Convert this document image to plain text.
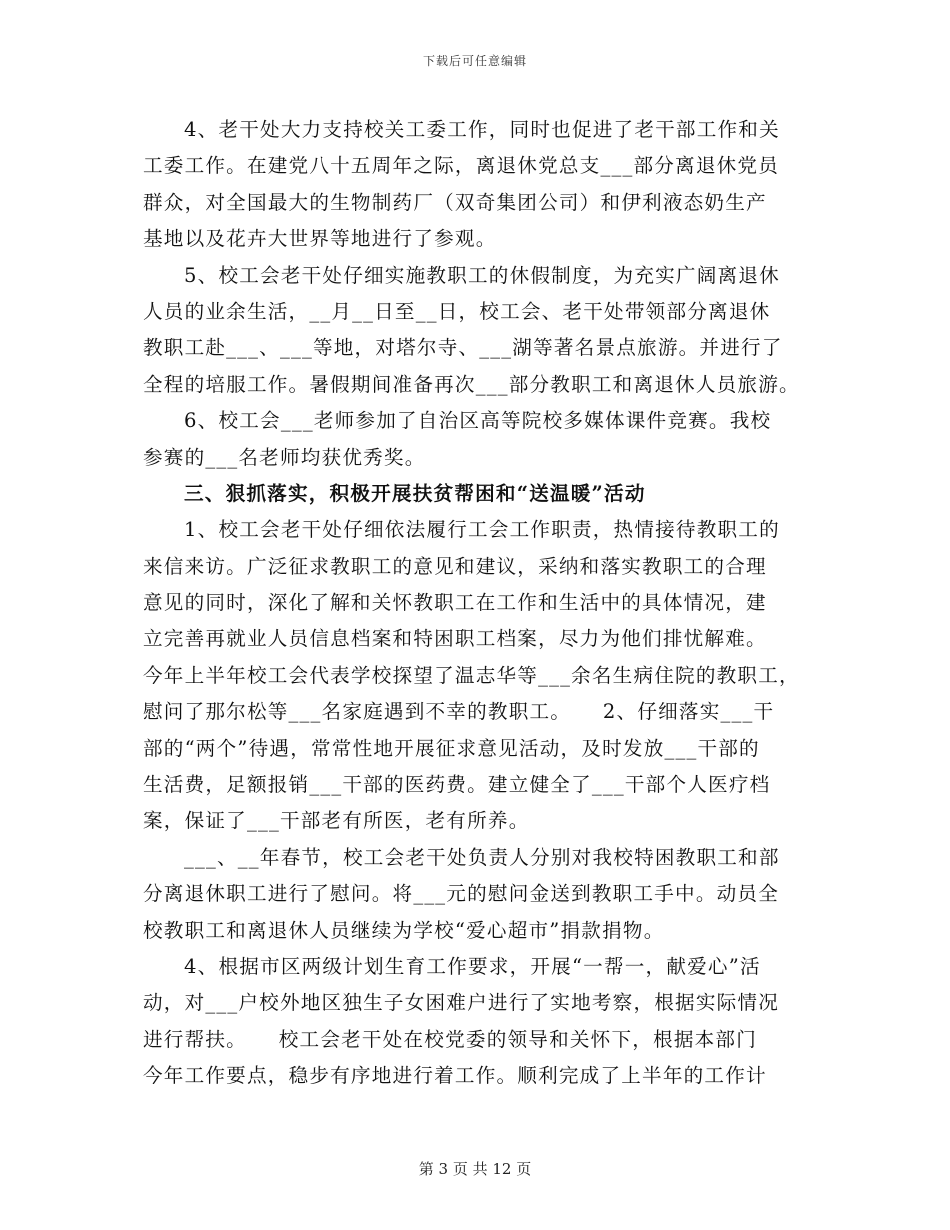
下载后可任意编辑
4、老干处大力支持校关工委工作，同时也促进了老干部工作和关
工委工作。在建党八十五周年之际，离退休党总支___部分离退休党员
群众，对全国最大的生物制药厂（双奇集团公司）和伊利液态奶生产
基地以及花卉大世界等地进行了参观。
5、校工会老干处仔细实施教职工的休假制度，为充实广阔离退休
人员的业余生活，__月__日至__日，校工会、老干处带领部分离退休
教职工赴___、___等地，对塔尔寺、___湖等著名景点旅游。并进行了
全程的培服工作。暑假期间准备再次___部分教职工和离退休人员旅游。
6、校工会___老师参加了自治区高等院校多媒体课件竞赛。我校
参赛的___名老师均获优秀奖。
三、狠抓落实，积极开展扶贫帮困和“送温暖”活动
1、校工会老干处仔细依法履行工会工作职责，热情接待教职工的
来信来访。广泛征求教职工的意见和建议，采纳和落实教职工的合理
意见的同时，深化了解和关怀教职工在工作和生活中的具体情况，建
立完善再就业人员信息档案和特困职工档案，尽力为他们排忧解难。
今年上半年校工会代表学校探望了温志华等___余名生病住院的教职工，
慰问了那尔松等___名家庭遇到不幸的教职工。　　2、仔细落实___干
部的“两个”待遇，常常性地开展征求意见活动，及时发放___干部的
生活费，足额报销___干部的医药费。建立健全了___干部个人医疗档
案，保证了___干部老有所医，老有所养。
___、__年春节，校工会老干处负责人分别对我校特困教职工和部
分离退休职工进行了慰问。将___元的慰问金送到教职工手中。动员全
校教职工和离退休人员继续为学校“爱心超市”捐款捐物。
4、根据市区两级计划生育工作要求，开展“一帮一，献爱心”活
动，对___户校外地区独生子女困难户进行了实地考察，根据实际情况
进行帮扶。　　校工会老干处在校党委的领导和关怀下，根据本部门
今年工作要点，稳步有序地进行着工作。顺利完成了上半年的工作计
第 3 页 共 12 页
